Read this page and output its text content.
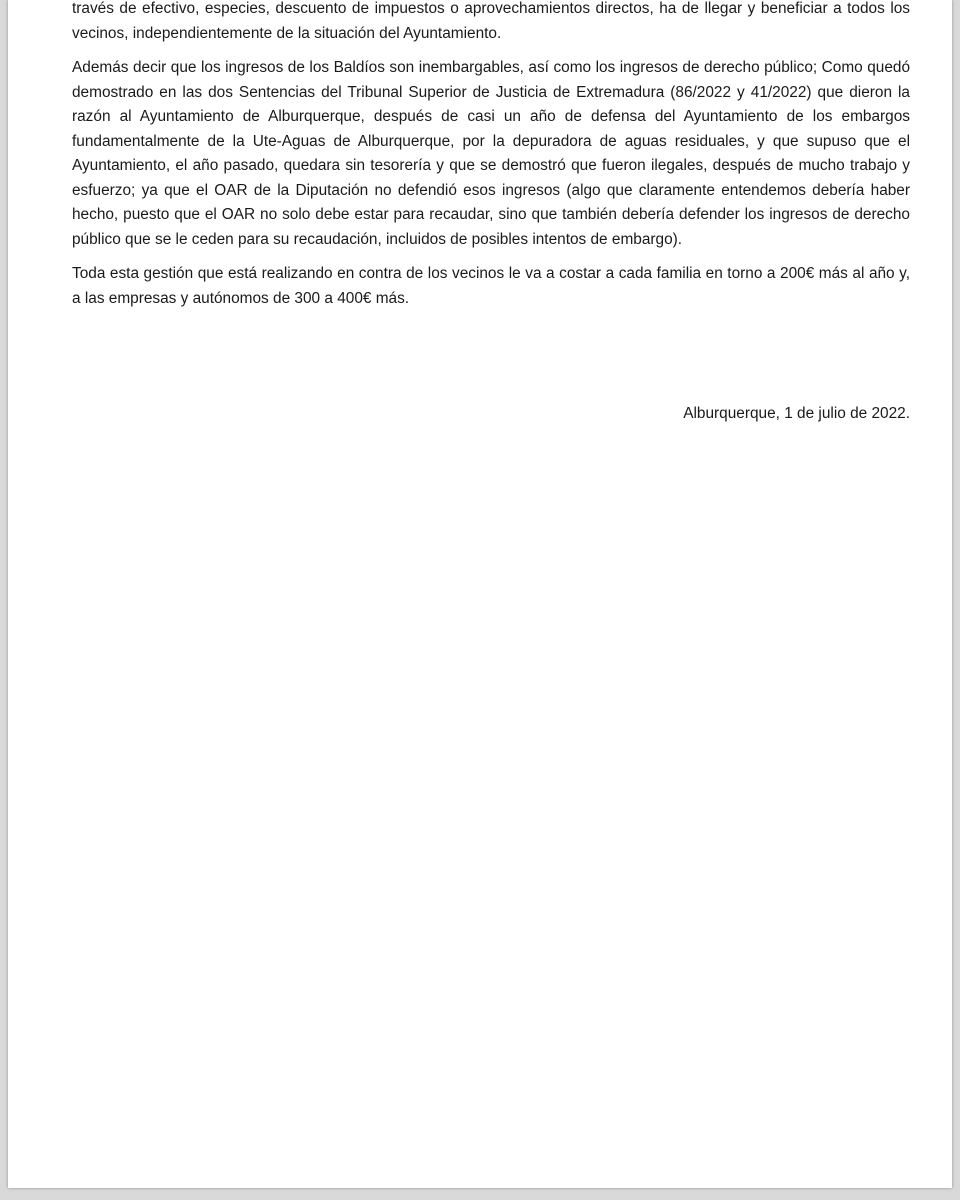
través de efectivo, especies, descuento de impuestos o aprovechamientos directos, ha de llegar y beneficiar a todos los vecinos, independientemente de la situación del Ayuntamiento.

Además decir que los ingresos de los Baldíos son inembargables, así como los ingresos de derecho público; Como quedó demostrado en las dos Sentencias del Tribunal Superior de Justicia de Extremadura (86/2022 y 41/2022) que dieron la razón al Ayuntamiento de Alburquerque, después de casi un año de defensa del Ayuntamiento de los embargos fundamentalmente de la Ute-Aguas de Alburquerque, por la depuradora de aguas residuales, y que supuso que el Ayuntamiento, el año pasado, quedara sin tesorería y que se demostró que fueron ilegales, después de mucho trabajo y esfuerzo; ya que el OAR de la Diputación no defendió esos ingresos (algo que claramente entendemos debería haber hecho, puesto que el OAR no solo debe estar para recaudar, sino que también debería defender los ingresos de derecho público que se le ceden para su recaudación, incluidos de posibles intentos de embargo).

Toda esta gestión que está realizando en contra de los vecinos le va a costar a cada familia en torno a 200€ más al año y, a las empresas y autónomos de 300 a 400€ más.

Alburquerque, 1 de julio de 2022.
